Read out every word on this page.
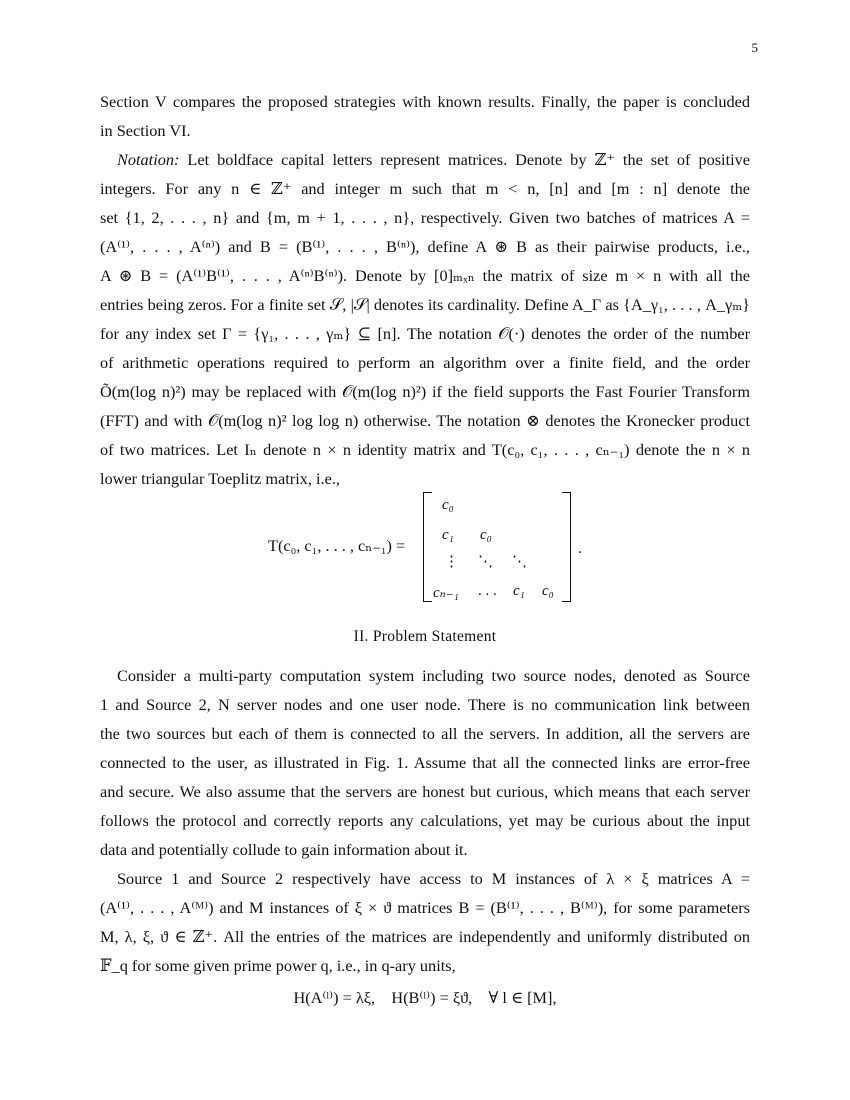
5
Section V compares the proposed strategies with known results. Finally, the paper is concluded
in Section VI.
Notation: Let boldface capital letters represent matrices. Denote by ℤ⁺ the set of positive
integers. For any n ∈ ℤ⁺ and integer m such that m < n, [n] and [m : n] denote the
set {1, 2, . . . , n} and {m, m + 1, . . . , n}, respectively. Given two batches of matrices A =
(A⁽¹⁾, . . . , A⁽ⁿ⁾) and B = (B⁽¹⁾, . . . , B⁽ⁿ⁾), define A ⊛ B as their pairwise products, i.e.,
A ⊛ B = (A⁽¹⁾B⁽¹⁾, . . . , A⁽ⁿ⁾B⁽ⁿ⁾). Denote by [0]ₘₓₙ the matrix of size m × n with all the
entries being zeros. For a finite set 𝒮, |𝒮| denotes its cardinality. Define A_Γ as {A_γ₁, . . . , A_γₘ}
for any index set Γ = {γ₁, . . . , γₘ} ⊆ [n]. The notation 𝒪(·) denotes the order of the number
of arithmetic operations required to perform an algorithm over a finite field, and the order
Õ(m(log n)²) may be replaced with 𝒪(m(log n)²) if the field supports the Fast Fourier Transform
(FFT) and with 𝒪(m(log n)² log log n) otherwise. The notation ⊗ denotes the Kronecker product
of two matrices. Let Iₙ denote n × n identity matrix and T(c₀, c₁, . . . , cₙ₋₁) denote the n × n
lower triangular Toeplitz matrix, i.e.,
T(c₀, c₁, . . . , cₙ₋₁) =
c₀
c₁ c₀
⋮ ⋱ ⋱
cₙ₋₁ . . . c₁ c₀
.
II. Problem Statement
Consider a multi-party computation system including two source nodes, denoted as Source
1 and Source 2, N server nodes and one user node. There is no communication link between
the two sources but each of them is connected to all the servers. In addition, all the servers are
connected to the user, as illustrated in Fig. 1. Assume that all the connected links are error-free
and secure. We also assume that the servers are honest but curious, which means that each server
follows the protocol and correctly reports any calculations, yet may be curious about the input
data and potentially collude to gain information about it.
Source 1 and Source 2 respectively have access to M instances of λ × ξ matrices A =
(A⁽¹⁾, . . . , A⁽ᴹ⁾) and M instances of ξ × ϑ matrices B = (B⁽¹⁾, . . . , B⁽ᴹ⁾), for some parameters
M, λ, ξ, ϑ ∈ ℤ⁺. All the entries of the matrices are independently and uniformly distributed on
𝔽_q for some given prime power q, i.e., in q-ary units,
H(A⁽ˡ⁾) = λξ,    H(B⁽ˡ⁾) = ξϑ,    ∀ l ∈ [M],
